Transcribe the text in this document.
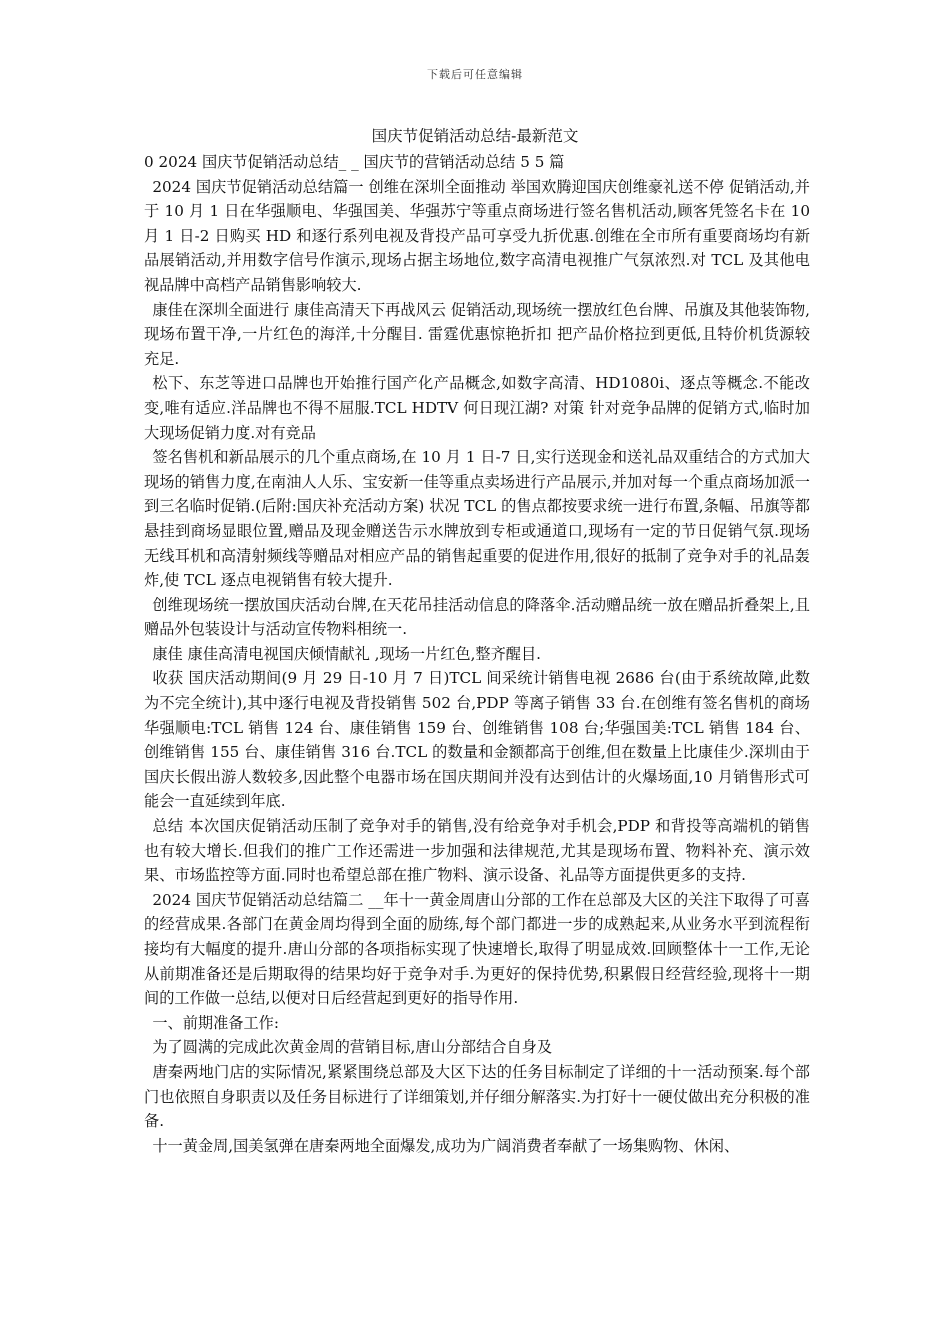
下载后可任意编辑
国庆节促销活动总结-最新范文

0 2024 国庆节促销活动总结_ _ 国庆节的营销活动总结 5 5 篇

2024 国庆节促销活动总结篇一 创维在深圳全面推动 举国欢腾迎国庆创维豪礼送不停 促销活动,并于 10 月 1 日在华强顺电、华强国美、华强苏宁等重点商场进行签名售机活动,顾客凭签名卡在 10 月 1 日-2 日购买 HD 和逐行系列电视及背投产品可享受九折优惠.创维在全市所有重要商场均有新品展销活动,并用数字信号作演示,现场占据主场地位,数字高清电视推广气氛浓烈.对 TCL 及其他电视品牌中高档产品销售影响较大.

康佳在深圳全面进行 康佳高清天下再战风云 促销活动,现场统一摆放红色台牌、吊旗及其他装饰物,现场布置干净,一片红色的海洋,十分醒目. 雷霆优惠惊艳折扣 把产品价格拉到更低,且特价机货源较充足.

松下、东芝等进口品牌也开始推行国产化产品概念,如数字高清、HD1080i、逐点等概念.不能改变,唯有适应.洋品牌也不得不屈服.TCL HDTV 何日现江湖? 对策 针对竞争品牌的促销方式,临时加大现场促销力度.对有竞品

签名售机和新品展示的几个重点商场,在 10 月 1 日-7 日,实行送现金和送礼品双重结合的方式加大现场的销售力度,在南油人人乐、宝安新一佳等重点卖场进行产品展示,并加对每一个重点商场加派一到三名临时促销.(后附:国庆补充活动方案) 状况 TCL 的售点都按要求统一进行布置,条幅、吊旗等都悬挂到商场显眼位置,赠品及现金赠送告示水牌放到专柜或通道口,现场有一定的节日促销气氛.现场无线耳机和高清射频线等赠品对相应产品的销售起重要的促进作用,很好的抵制了竞争对手的礼品轰炸,使 TCL 逐点电视销售有较大提升.

创维现场统一摆放国庆活动台牌,在天花吊挂活动信息的降落伞.活动赠品统一放在赠品折叠架上,且赠品外包装设计与活动宣传物料相统一.

康佳 康佳高清电视国庆倾情献礼 ,现场一片红色,整齐醒目.

收获 国庆活动期间(9 月 29 日-10 月 7 日)TCL 间采统计销售电视 2686 台(由于系统故障,此数为不完全统计),其中逐行电视及背投销售 502 台,PDP 等离子销售 33 台.在创维有签名售机的商场华强顺电:TCL 销售 124 台、康佳销售 159 台、创维销售 108 台;华强国美:TCL 销售 184 台、创维销售 155 台、康佳销售 316 台.TCL 的数量和金额都高于创维,但在数量上比康佳少.深圳由于国庆长假出游人数较多,因此整个电器市场在国庆期间并没有达到估计的火爆场面,10 月销售形式可能会一直延续到年底.

总结 本次国庆促销活动压制了竞争对手的销售,没有给竞争对手机会,PDP 和背投等高端机的销售也有较大增长.但我们的推广工作还需进一步加强和法律规范,尤其是现场布置、物料补充、演示效果、市场监控等方面.同时也希望总部在推广物料、演示设备、礼品等方面提供更多的支持.

2024 国庆节促销活动总结篇二 __年十一黄金周唐山分部的工作在总部及大区的关注下取得了可喜的经营成果.各部门在黄金周均得到全面的励练,每个部门都进一步的成熟起来,从业务水平到流程衔接均有大幅度的提升.唐山分部的各项指标实现了快速增长,取得了明显成效.回顾整体十一工作,无论从前期准备还是后期取得的结果均好于竞争对手.为更好的保持优势,积累假日经营经验,现将十一期间的工作做一总结,以便对日后经营起到更好的指导作用.

一、前期准备工作:

为了圆满的完成此次黄金周的营销目标,唐山分部结合自身及

唐秦两地门店的实际情况,紧紧围绕总部及大区下达的任务目标制定了详细的十一活动预案.每个部门也依照自身职责以及任务目标进行了详细策划,并仔细分解落实.为打好十一硬仗做出充分积极的准备.

十一黄金周,国美氢弹在唐秦两地全面爆发,成功为广阔消费者奉献了一场集购物、休闲、
